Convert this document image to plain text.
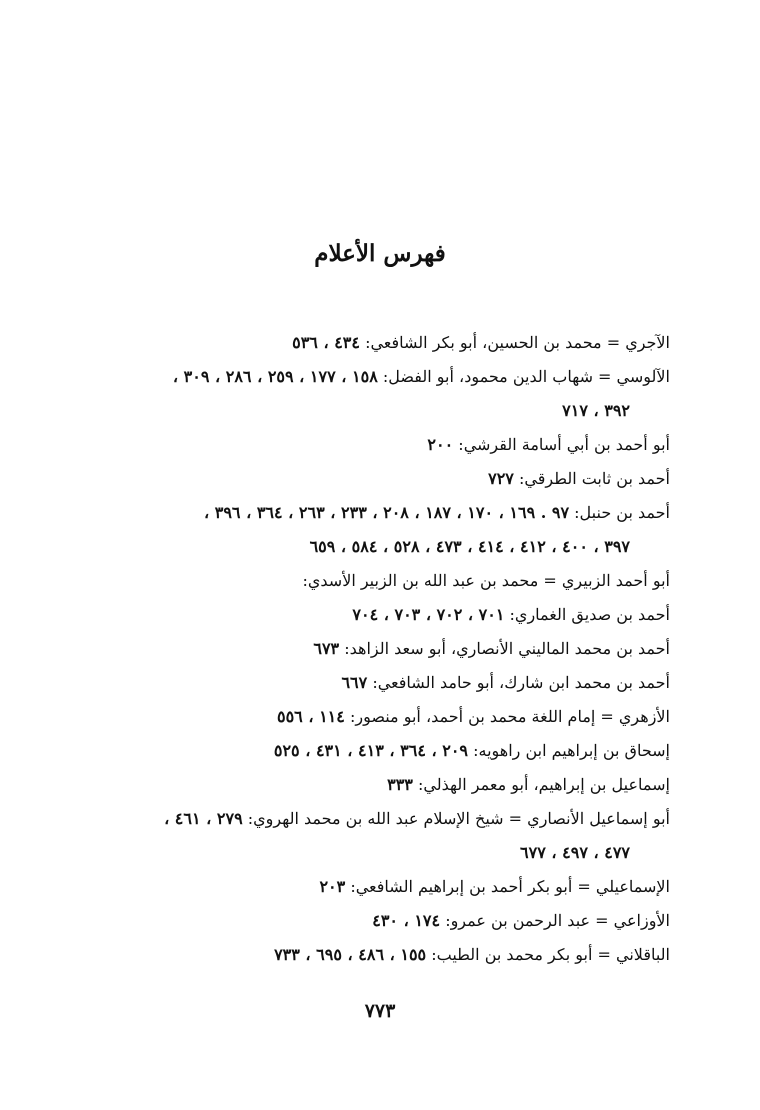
فهرس الأعلام
الآجري = محمد بن الحسين، أبو بكر الشافعي: ٤٣٤ ، ٥٣٦
الآلوسي = شهاب الدين محمود، أبو الفضل: ١٥٨ ، ١٧٧ ، ٢٥٩ ، ٢٨٦ ، ٣٠٩ ،
٣٩٢ ، ٧١٧
أبو أحمد بن أبي أسامة القرشي: ٢٠٠
أحمد بن ثابت الطرقي: ٧٢٧
أحمد بن حنبل: ٩٧ . ١٦٩ ، ١٧٠ ، ١٨٧ ، ٢٠٨ ، ٢٣٣ ، ٢٦٣ ، ٣٦٤ ، ٣٩٦ ،
٣٩٧ ، ٤٠٠ ، ٤١٢ ، ٤١٤ ، ٤٧٣ ، ٥٢٨ ، ٥٨٤ ، ٦٥٩
أبو أحمد الزبيري = محمد بن عبد الله بن الزبير الأسدي:
أحمد بن صديق الغماري: ٧٠١ ، ٧٠٢ ، ٧٠٣ ، ٧٠٤
أحمد بن محمد الماليني الأنصاري، أبو سعد الزاهد: ٦٧٣
أحمد بن محمد ابن شارك، أبو حامد الشافعي: ٦٦٧
الأزهري = إمام اللغة محمد بن أحمد، أبو منصور: ١١٤ ، ٥٥٦
إسحاق بن إبراهيم ابن راهويه: ٢٠٩ ، ٣٦٤ ، ٤١٣ ، ٤٣١ ، ٥٢٥
إسماعيل بن إبراهيم، أبو معمر الهذلي: ٣٣٣
أبو إسماعيل الأنصاري = شيخ الإسلام عبد الله بن محمد الهروي: ٢٧٩ ، ٤٦١ ،
٤٧٧ ، ٤٩٧ ، ٦٧٧
الإسماعيلي = أبو بكر أحمد بن إبراهيم الشافعي: ٢٠٣
الأوزاعي = عبد الرحمن بن عمرو: ١٧٤ ، ٤٣٠
الباقلاني = أبو بكر محمد بن الطيب: ١٥٥ ، ٤٨٦ ، ٦٩٥ ، ٧٣٣
٧٧٣
